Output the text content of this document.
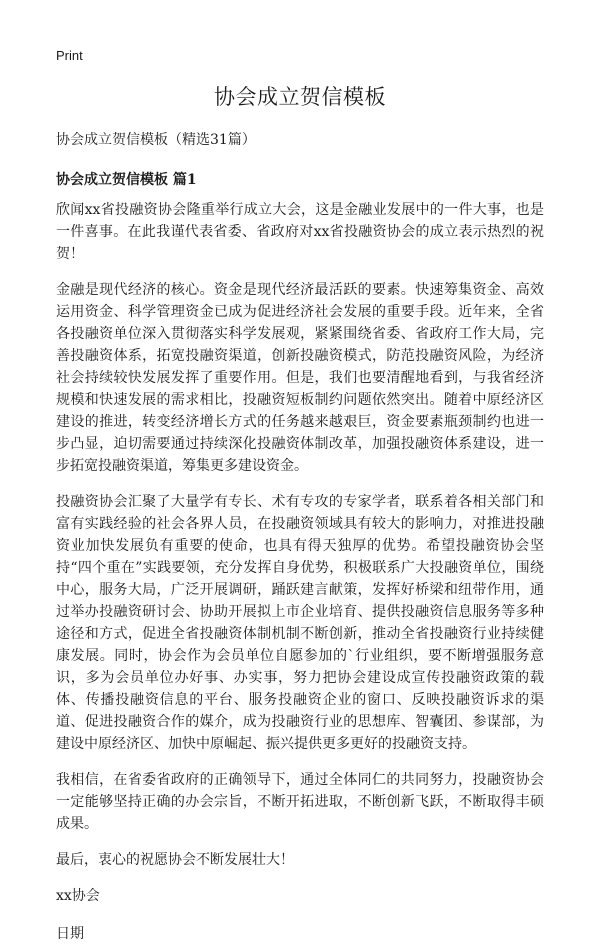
Print
协会成立贺信模板
协会成立贺信模板（精选31篇）
协会成立贺信模板 篇1

欣闻xx省投融资协会隆重举行成立大会，这是金融业发展中的一件大事，也是一件喜事。在此我谨代表省委、省政府对xx省投融资协会的成立表示热烈的祝贺！

金融是现代经济的核心。资金是现代经济最活跃的要素。快速筹集资金、高效运用资金、科学管理资金已成为促进经济社会发展的重要手段。近年来，全省各投融资单位深入贯彻落实科学发展观，紧紧围绕省委、省政府工作大局，完善投融资体系，拓宽投融资渠道，创新投融资模式，防范投融资风险，为经济社会持续较快发展发挥了重要作用。但是，我们也要清醒地看到，与我省经济规模和快速发展的需求相比，投融资短板制约问题依然突出。随着中原经济区建设的推进，转变经济增长方式的任务越来越艰巨，资金要素瓶颈制约也进一步凸显，迫切需要通过持续深化投融资体制改革，加强投融资体系建设，进一步拓宽投融资渠道，筹集更多建设资金。

投融资协会汇聚了大量学有专长、术有专攻的专家学者，联系着各相关部门和富有实践经验的社会各界人员，在投融资领域具有较大的影响力，对推进投融资业加快发展负有重要的使命，也具有得天独厚的优势。希望投融资协会坚持“四个重在”实践要领，充分发挥自身优势，积极联系广大投融资单位，围绕中心，服务大局，广泛开展调研，踊跃建言献策，发挥好桥梁和纽带作用，通过举办投融资研讨会、协助开展拟上市企业培育、提供投融资信息服务等多种途径和方式，促进全省投融资体制机制不断创新，推动全省投融资行业持续健康发展。同时，协会作为会员单位自愿参加的`行业组织，要不断增强服务意识，多为会员单位办好事、办实事，努力把协会建设成宣传投融资政策的载体、传播投融资信息的平台、服务投融资企业的窗口、反映投融资诉求的渠道、促进投融资合作的媒介，成为投融资行业的思想库、智囊团、参谋部，为建设中原经济区、加快中原崛起、振兴提供更多更好的投融资支持。

我相信，在省委省政府的正确领导下，通过全体同仁的共同努力，投融资协会一定能够坚持正确的办会宗旨，不断开拓进取，不断创新飞跃，不断取得丰硕成果。

最后，衷心的祝愿协会不断发展壮大！

xx协会
日期
